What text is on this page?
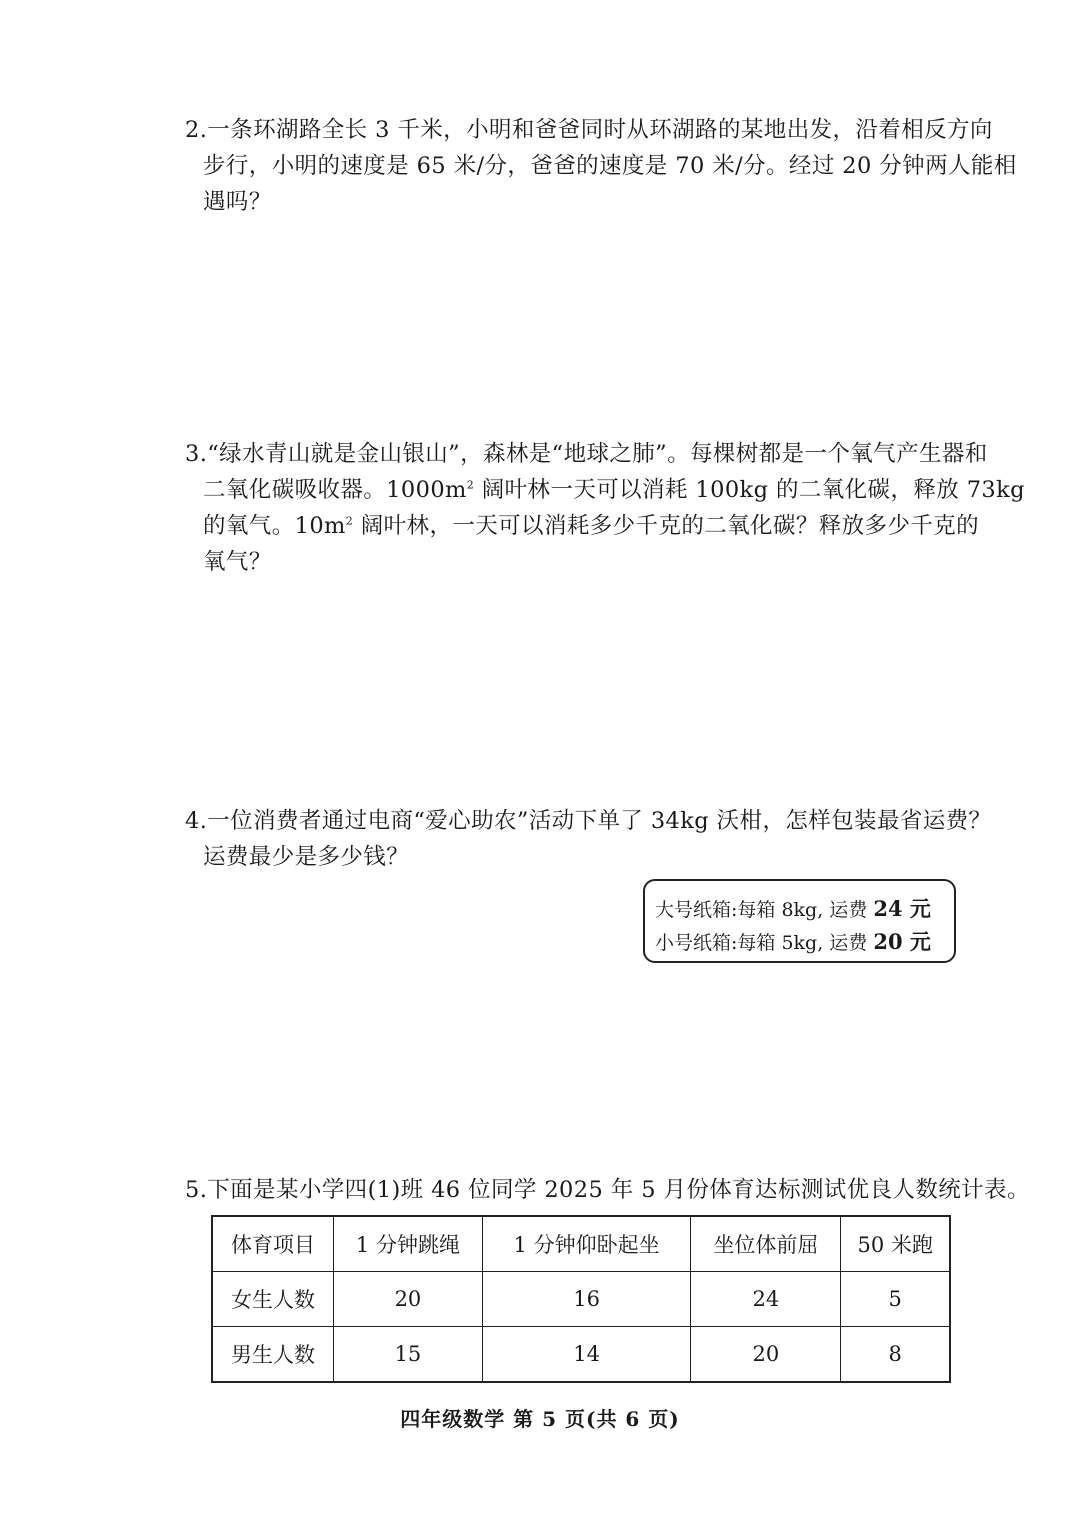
2.一条环湖路全长 3 千米，小明和爸爸同时从环湖路的某地出发，沿着相反方向
步行，小明的速度是 65 米/分，爸爸的速度是 70 米/分。经过 20 分钟两人能相
遇吗？
3.“绿水青山就是金山银山”，森林是“地球之肺”。每棵树都是一个氧气产生器和
二氧化碳吸收器。$1000m^2$ 阔叶林一天可以消耗 100kg 的二氧化碳，释放 73kg
的氧气。$10m^2$ 阔叶林，一天可以消耗多少千克的二氧化碳？释放多少千克的
氧气？
4.一位消费者通过电商“爱心助农”活动下单了 34kg 沃柑，怎样包装最省运费？
运费最少是多少钱？
大号纸箱:每箱 8kg, 运费 24 元
小号纸箱:每箱 5kg, 运费 20 元
5.下面是某小学四(1)班 46 位同学 2025 年 5 月份体育达标测试优良人数统计表。
体育项目	1 分钟跳绳	1 分钟仰卧起坐	坐位体前屈	50 米跑
女生人数	20	16	24	5
男生人数	15	14	20	8
四年级数学 第 5 页(共 6 页)
